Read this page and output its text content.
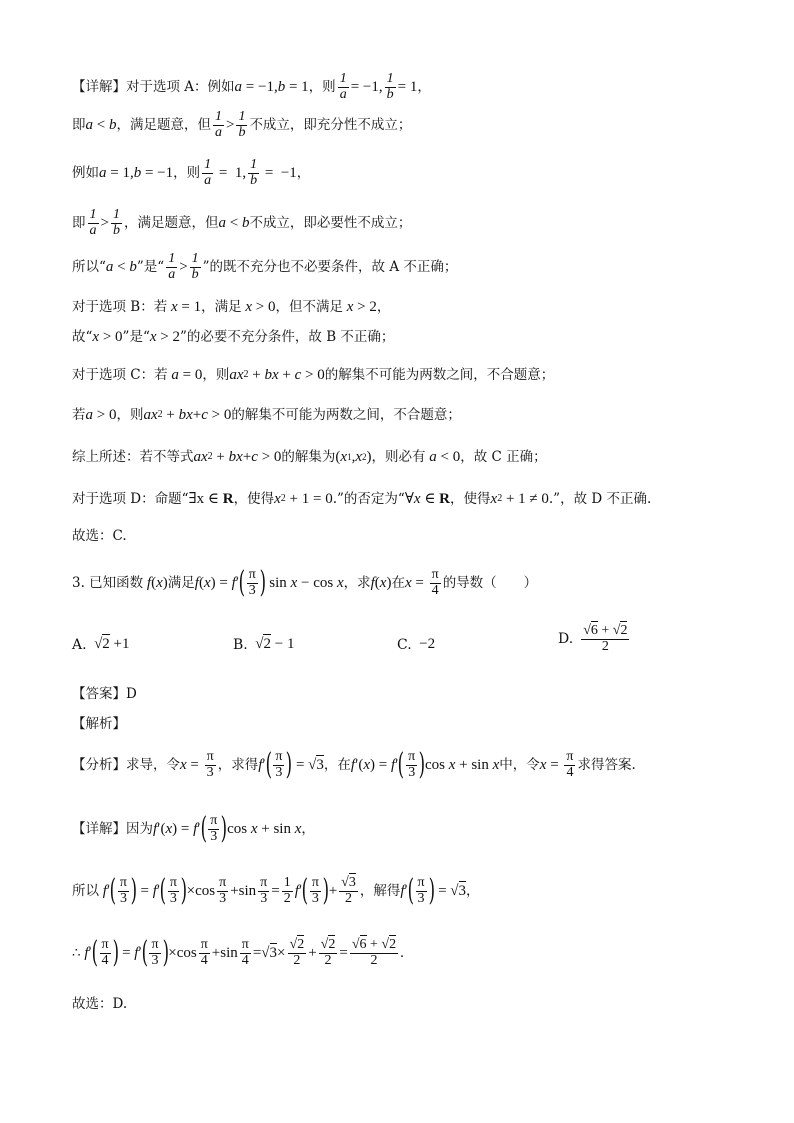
【详解】 对于选项 A：例如 a = −1, b = 1 ，则 $\frac{1}{a} = -1$, $\frac{1}{b} = 1$ ，
即 a < b ，满足题意，但
1
a >
1
b 不成立，即充分性不成立；
例如 a = 1, b = −1 ，则 $\frac{1}{a} = 1$, $\frac{1}{b} = -1$ ，
即
1
a >
1
b ，满足题意，但 a < b 不成立，即必要性不成立；
所以“ a < b ”是“
1
a >
1
b ”的既不充分也不必要条件，故 A 不正确；
对于选项 B：若 x = 1 ，满足 x > 0 ，但不满足 x > 2 ，
故“ x > 0 ”是“ x > 2 ”的必要不充分条件，故 B 不正确；
对于选项 C：若 a = 0 ，则 ax 2 + bx + c > 0 的解集不可能为两数之间，不合题意；
若 a > 0 ，则 ax 2 + bx + c > 0 的解集不可能为两数之间，不合题意；
综上所述：若不等式 ax 2 + bx + c > 0 的解集为 ( x 1 , x 2 ) ，则必有 a < 0 ，故 C 正确；
对于选项 D：命题“ ∃x ∈ R ，使得 x 2 + 1 = 0 .”的否定为“ ∀ x ∈ R ，使得 x 2 + 1 ≠ 0 .”，故 D 不正确.
故选：C.
3. 已知函数 f ( x ) 满足 f ( x ) = f ′ ( π
3 ) sin x − cos x ，求 f ( x ) 在 $x = \frac{\pi}{4}$ 的导数（　　）
A. √2 +1	B. √2 − 1	C. −2	D.
√6 + √2
2
【答案】D
【解析】
【分析】求导，令 $x = \frac{\pi}{3}$ ，求得 f ′ ( π
3 ) = √3 ，在 f ′( x ) = f ′ ( π
3 ) cos x + sin x 中，令 $x = \frac{\pi}{4}$ 求得答案.
【详解】因为 f ′( x ) = f ′ ( π
3 ) cos x + sin x ，
所以 f ′ ( π
3 ) = f ′ ( π
3 ) ×cos
π
$3 +\sin \frac{\pi}{3} = \frac{1}{2}$ f ′ ( π
3 ) + $\frac{√3}{2}$ ，解得 f ′ ( π
3 ) = √3 ，
∴ f ′ ( π
4 ) = f ′ ( π
3 ) ×cos
π
$4 +\sin \frac{\pi}{4} =√3\times \frac{√2}{2} + \frac{√2}{2} = \frac{√6 + √2}{2}$ .
故选：D.
